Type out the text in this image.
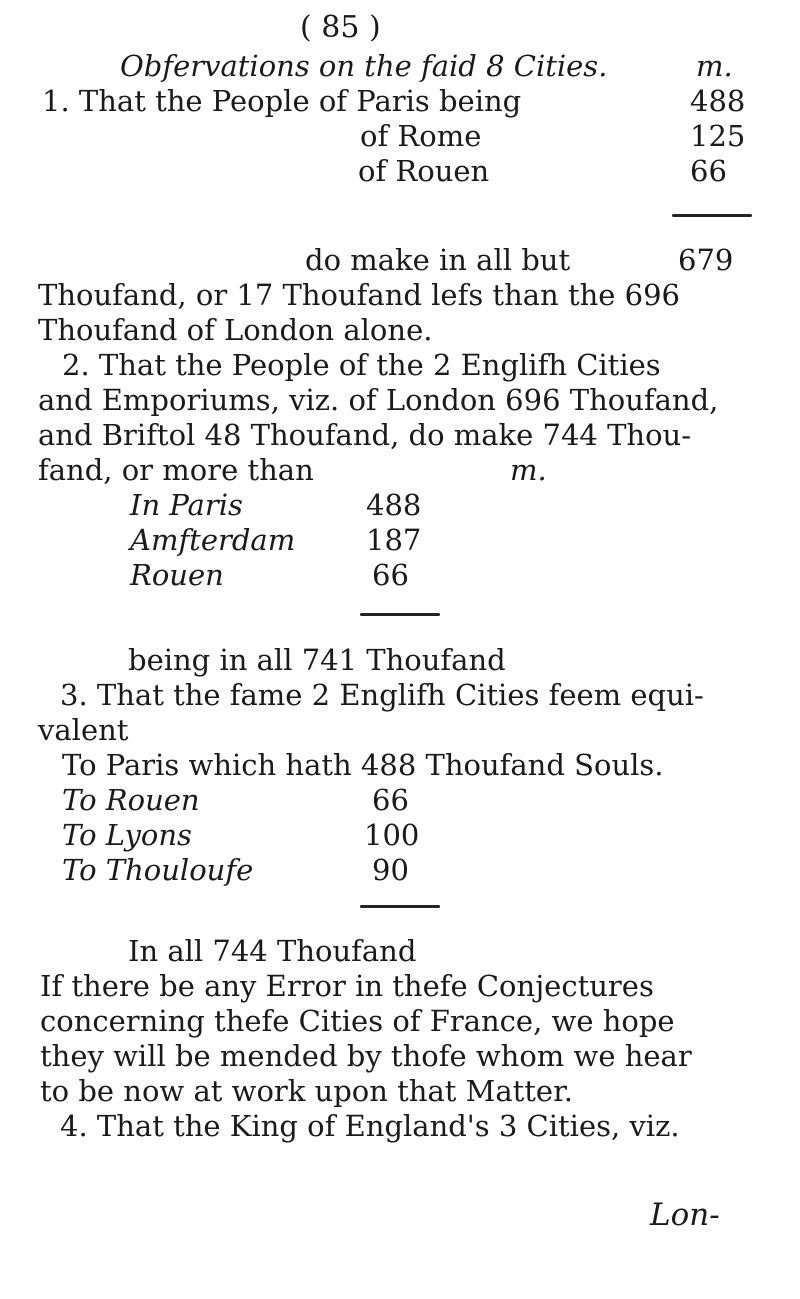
( 85 )
Obfervations on the faid 8 Cities.	m.
1. That the People of Paris being	488
of Rome	125
of Rouen	66
do make in all but	679
Thoufand, or 17 Thoufand lefs than the 696
Thoufand of London alone.
2. That the People of the 2 Englifh Cities
and Emporiums, viz. of London 696 Thoufand,
and Briftol 48 Thoufand, do make 744 Thou-
fand, or more than	m.
In Paris	488
Amfterdam 187
Rouen	66
being in all 741 Thoufand
3. That the fame 2 Englifh Cities feem equi-
valent
To Paris which hath 488 Thoufand Souls.
To Rouen	66
To Lyons	100
To Thouloufe	90
In all 744 Thoufand
If there be any Error in thefe Conjectures
concerning thefe Cities of France, we hope
they will be mended by thofe whom we hear
to be now at work upon that Matter.
4. That the King of England's 3 Cities, viz.
Lon-
